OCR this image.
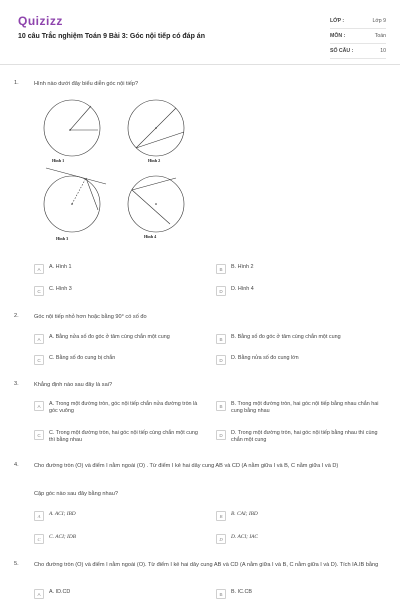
Quizizz
10 câu Trắc nghiệm Toán 9 Bài 3: Góc nội tiếp có đáp án
LỚP :	Lớp 9
MÔN :	Toán
SỐ CÂU :	10
1.	Hình nào dưới đây biểu diễn góc nội tiếp?
Hình 1	Hình 2
Hình 3	Hình 4
A	A. Hình 1	B	B. Hình 2
C	C. Hình 3	D	D. Hình 4
2.	Góc nội tiếp nhỏ hơn hoặc bằng 90° có số đo
A	A. Bằng nửa số đo góc ở tâm cùng chắn một cung	B	B. Bằng số đo góc ở tâm cùng chắn một cung
C	C. Bằng số đo cung bị chắn	D	D. Bằng nửa số đo cung lớn
3.	Khẳng định nào sau đây là sai?
A	A. Trong một đường tròn, góc nội tiếp chắn nửa đường tròn là góc vuông
B	B. Trong một đường tròn, hai góc nội tiếp bằng nhau chắn hai cung bằng nhau
C	C. Trong một đường tròn, hai góc nội tiếp cùng chắn một cung thì bằng nhau
D	D. Trong một đường tròn, hai góc nội tiếp bằng nhau thì cùng chắn một cung
4.	Cho đường tròn (O) và điểm I nằm ngoài (O) . Từ điểm I kẻ hai dây cung AB và CD (A nằm giữa I và B, C nằm giữa I và D)
Cặp góc nào sau đây bằng nhau?
A	A. ACI; IBD	B	B. CAI; IBD
C	C. ACI; IDB	D	D. ACI; IAC
5.	Cho đường tròn (O) và điểm I nằm ngoài (O). Từ điểm I kẻ hai dây cung AB và CD (A nằm giữa I và B, C nằm giữa I và D). Tích IA.IB bằng
A	A. ID.CD	B	B. IC.CB
